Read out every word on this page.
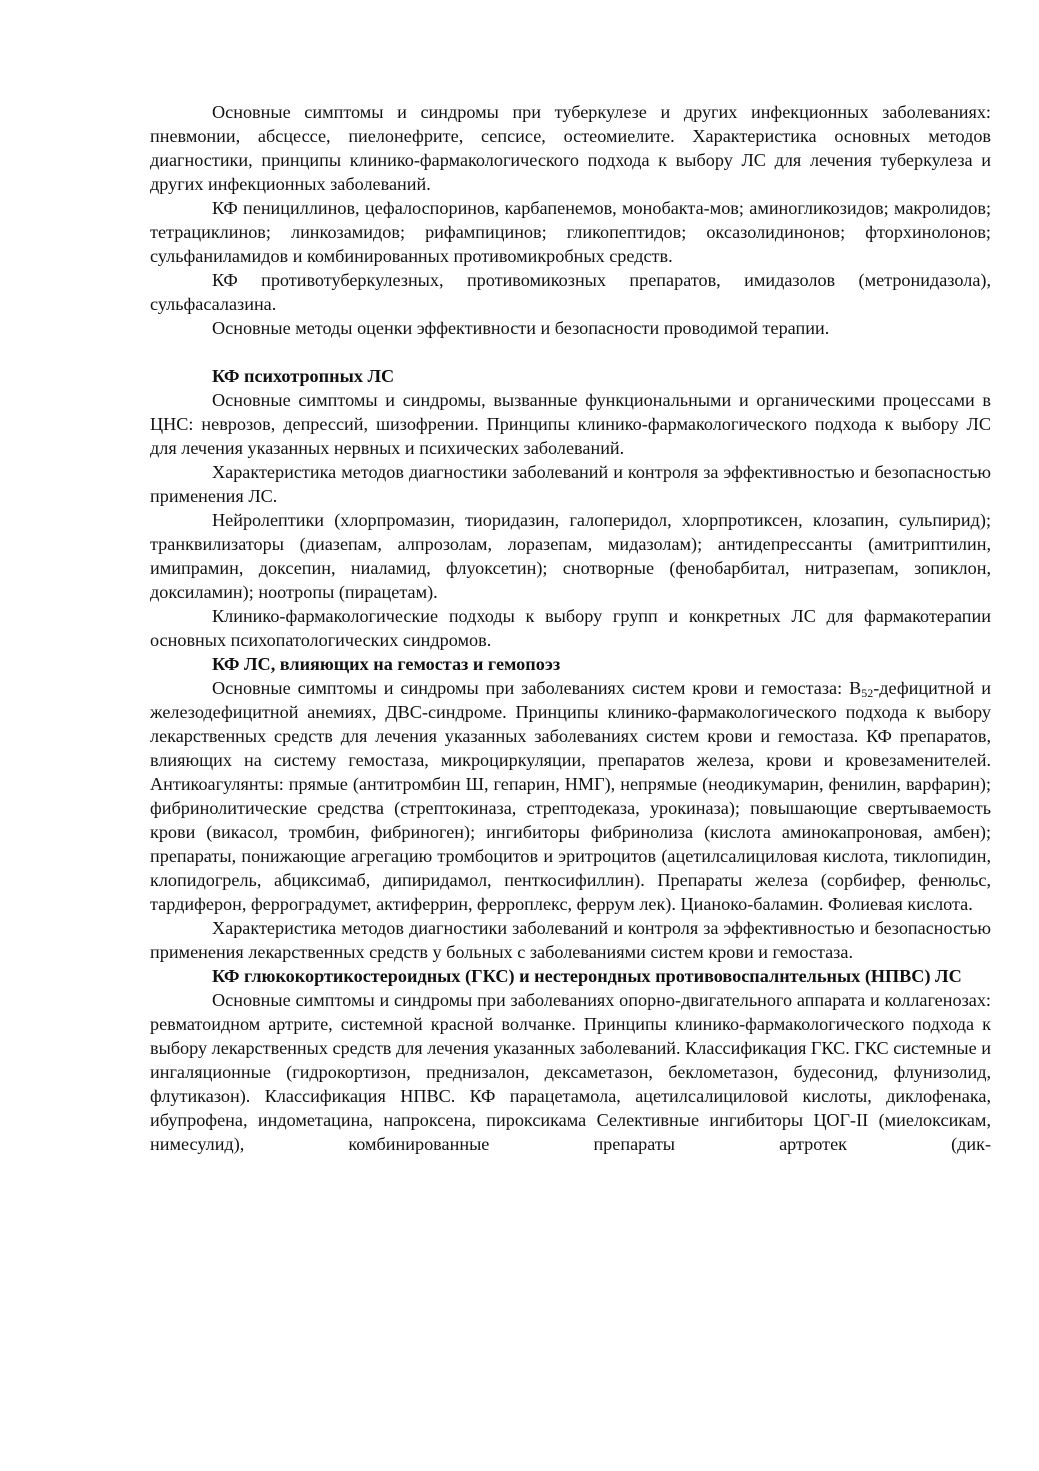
Основные симптомы и синдромы при туберкулезе и других инфекционных заболеваниях: пневмонии, абсцессе, пиелонефрите, сепсисе, остеомиелите. Характеристика основных методов диагностики, принципы клинико-фармакологического подхода к выбору ЛС для лечения туберкулеза и других инфекционных заболеваний.

КФ пенициллинов, цефалоспоринов, карбапенемов, монобакта-мов; аминогликозидов; макролидов; тетрациклинов; линкозамидов; рифампицинов; гликопептидов; оксазолидинонов; фторхинолонов; сульфаниламидов и комбинированных противомикробных средств.

КФ противотуберкулезных, противомикозных препаратов, имидазолов (метронидазола), сульфасалазина.

Основные методы оценки эффективности и безопасности проводимой терапии.

КФ психотропных ЛС

Основные симптомы и синдромы, вызванные функциональными и органическими процессами в ЦНС: неврозов, депрессий, шизофрении. Принципы клинико-фармакологического подхода к выбору ЛС для лечения указанных нервных и психических заболеваний.

Характеристика методов диагностики заболеваний и контроля за эффективностью и безопасностью применения ЛС.

Нейролептики (хлорпромазин, тиоридазин, галоперидол, хлорпротиксен, клозапин, сульпирид); транквилизаторы (диазепам, алпрозолам, лоразепам, мидазолам); антидепрессанты (амитриптилин, имипрамин, доксепин, ниаламид, флуоксетин); снотворные (фенобарбитал, нитразепам, зопиклон, доксиламин); ноотропы (пирацетам).

Клинико-фармакологические подходы к выбору групп и конкретных ЛС для фармакотерапии основных психопатологических синдромов.

КФ ЛС, влияющих на гемостаз и гемопоэз

Основные симптомы и синдромы при заболеваниях систем крови и гемостаза: $В_{52}$-дефицитной и железодефицитной анемиях, ДВС-синдроме. Принципы клинико-фармакологического подхода к выбору лекарственных средств для лечения указанных заболеваниях систем крови и гемостаза. КФ препаратов, влияющих на систему гемостаза, микроциркуляции, препаратов железа, крови и кровезаменителей. Антикоагулянты: прямые (антитромбин Ш, гепарин, НМГ), непрямые (неодикумарин, фенилин, варфарин); фибринолитические средства (стрептокиназа, стрептодеказа, урокиназа); повышающие свертываемость крови (викасол, тромбин, фибриноген); ингибиторы фибринолиза (кислота аминокапроновая, амбен); препараты, понижающие агрегацию тромбоцитов и эритроцитов (ацетилсалициловая кислота, тиклопидин, клопидогрель, абциксимаб, дипиридамол, пенткосифиллин). Препараты железа (сорбифер, фенюльс, тардиферон, ферроградумет, актиферрин, ферроплекс, феррум лек). Цианоко-баламин. Фолиевая кислота.

Характеристика методов диагностики заболеваний и контроля за эффективностью и безопасностью применения лекарственных средств у больных с заболеваниями систем крови и гемостаза.

КФ глюкокортикостероидных (ГКС) и нестерондных противовоспалнтельных (НПВС) ЛС

Основные симптомы и синдромы при заболеваниях опорно-двигательного аппарата и коллагенозах: ревматоидном артрите, системной красной волчанке. Принципы клинико-фармакологического подхода к выбору лекарственных средств для лечения указанных заболеваний. Классификация ГКС. ГКС системные и ингаляционные (гидрокортизон, преднизалон, дексаметазон, беклометазон, будесонид, флунизолид, флутиказон). Классификация НПВС. КФ парацетамола, ацетилсалициловой кислоты, диклофенака, ибупрофена, индометацина, напроксена, пироксикама Селективные ингибиторы ЦОГ-II (миелоксикам, нимесулид), комбинированные препараты артротек (дик-
